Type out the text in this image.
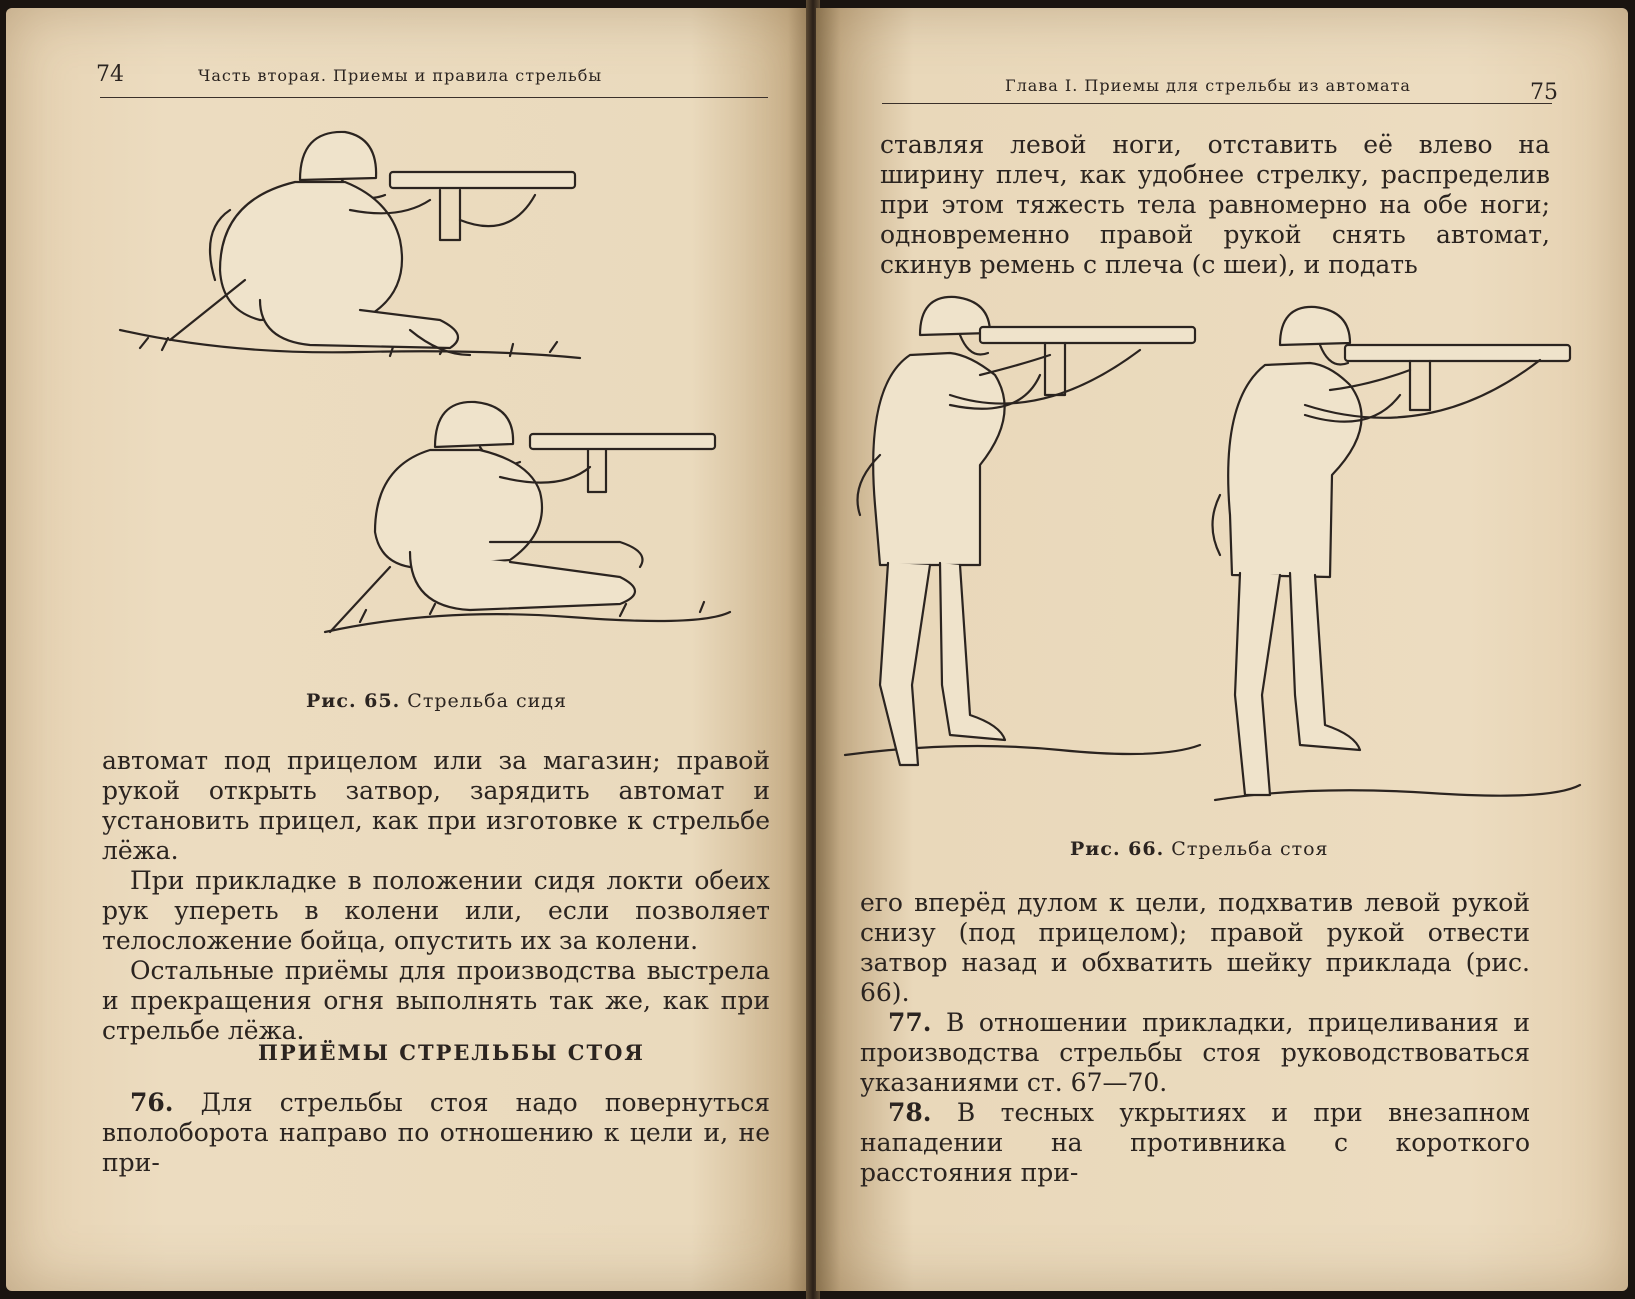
74	Часть вторая. Приемы и правила стрельбы
Рис. 65. Стрельба сидя

автомат под прицелом или за магазин; правой рукой открыть затвор, зарядить автомат и установить прицел, как при изготовке к стрельбе лёжа.

При прикладке в положении сидя локти обеих рук упереть в колени или, если позволяет телосложение бойца, опустить их за колени.

Остальные приёмы для производства выстрела и прекращения огня выполнять так же, как при стрельбе лёжа.

ПРИЁМЫ СТРЕЛЬБЫ СТОЯ

76. Для стрельбы стоя надо повернуться вполоборота направо по отношению к цели и, не при-

Глава I. Приемы для стрельбы из автомата	75

ставляя левой ноги, отставить её влево на ширину плеч, как удобнее стрелку, распределив при этом тяжесть тела равномерно на обе ноги; одновременно правой рукой снять автомат, скинув ремень с плеча (с шеи), и подать

Рис. 66. Стрельба стоя

его вперёд дулом к цели, подхватив левой рукой снизу (под прицелом); правой рукой отвести затвор назад и обхватить шейку приклада (рис. 66).

77. В отношении прикладки, прицеливания и производства стрельбы стоя руководствоваться указаниями ст. 67—70.

78. В тесных укрытиях и при внезапном нападении на противника с короткого расстояния при-
